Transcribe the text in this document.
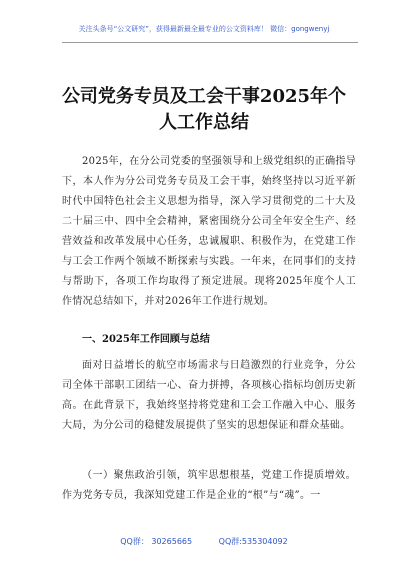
关注头条号“公文研究”，获得最新最全最专业的公文资料库！ 微信：gongwenyj
公司党务专员及工会干事2025年个人工作总结
2025年，在分公司党委的坚强领导和上级党组织的正确指导下，本人作为分公司党务专员及工会干事，始终坚持以习近平新时代中国特色社会主义思想为指导，深入学习贯彻党的二十大及二十届三中、四中全会精神，紧密围绕分公司全年安全生产、经营效益和改革发展中心任务，忠诚履职、积极作为，在党建工作与工会工作两个领域不断探索与实践。一年来，在同事们的支持与帮助下，各项工作均取得了预定进展。现将2025年度个人工作情况总结如下，并对2026年工作进行规划。
一、2025年工作回顾与总结
面对日益增长的航空市场需求与日趋激烈的行业竞争，分公司全体干部职工团结一心、奋力拼搏，各项核心指标均创历史新高。在此背景下，我始终坚持将党建和工会工作融入中心、服务大局，为分公司的稳健发展提供了坚实的思想保证和群众基础。
（一）聚焦政治引领，筑牢思想根基，党建工作提质增效。作为党务专员，我深知党建工作是企业的“根”与“魂”。一
QQ群： 30265665	QQ群:535304092
